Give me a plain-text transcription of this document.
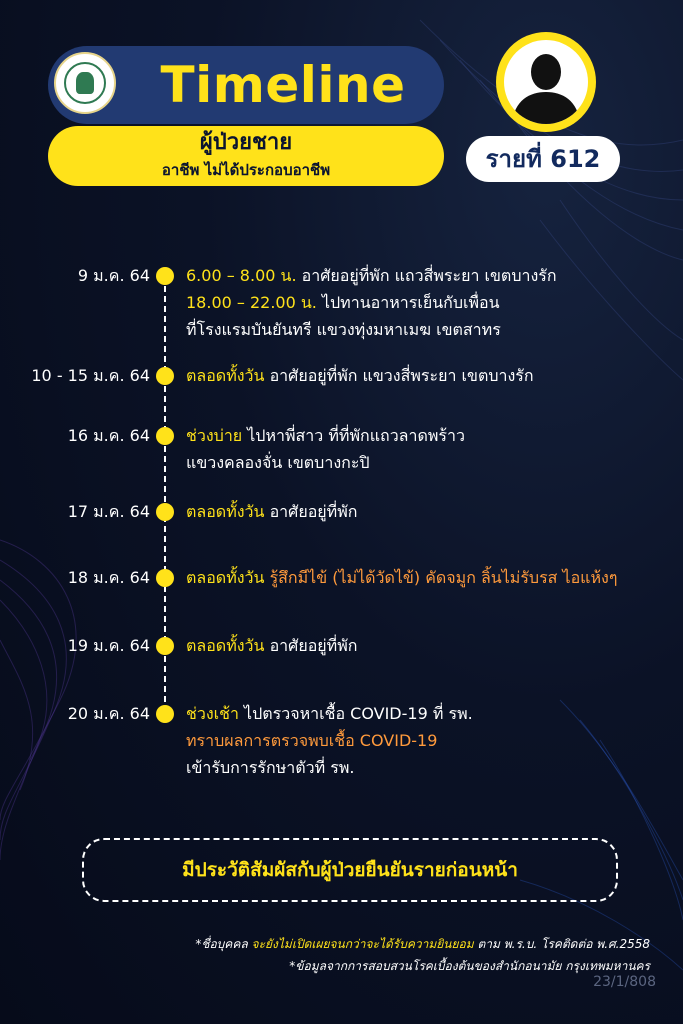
Timeline
ผู้ป่วยชาย
อาชีพ ไม่ได้ประกอบอาชีพ	รายที่ 612
9 ม.ค. 64 6.00 – 8.00 น. อาศัยอยู่ที่พัก แถวสี่พระยา เขตบางรัก
18.00 – 22.00 น. ไปทานอาหารเย็นกับเพื่อน
ที่โรงแรมบันยันทรี แขวงทุ่งมหาเมฆ เขตสาทร
10 - 15 ม.ค. 64 ตลอดทั้งวัน อาศัยอยู่ที่พัก แขวงสี่พระยา เขตบางรัก
16 ม.ค. 64 ช่วงบ่าย ไปหาพี่สาว ที่ที่พักแถวลาดพร้าว
แขวงคลองจั่น เขตบางกะปิ
17 ม.ค. 64 ตลอดทั้งวัน อาศัยอยู่ที่พัก
18 ม.ค. 64 ตลอดทั้งวัน รู้สึกมีไข้ (ไม่ได้วัดไข้) คัดจมูก ลิ้นไม่รับรส ไอแห้งๆ
19 ม.ค. 64 ตลอดทั้งวัน อาศัยอยู่ที่พัก
20 ม.ค. 64 ช่วงเช้า ไปตรวจหาเชื้อ COVID-19 ที่ รพ.
ทราบผลการตรวจพบเชื้อ COVID-19
เข้ารับการรักษาตัวที่ รพ.
มีประวัติสัมผัสกับผู้ป่วยยืนยันรายก่อนหน้า
*ชื่อบุคคล จะยังไม่เปิดเผยจนกว่าจะได้รับความยินยอม ตาม พ.ร.บ. โรคติดต่อ พ.ศ.2558
*ข้อมูลจากการสอบสวนโรคเบื้องต้นของสำนักอนามัย กรุงเทพมหานคร
23/1/808
